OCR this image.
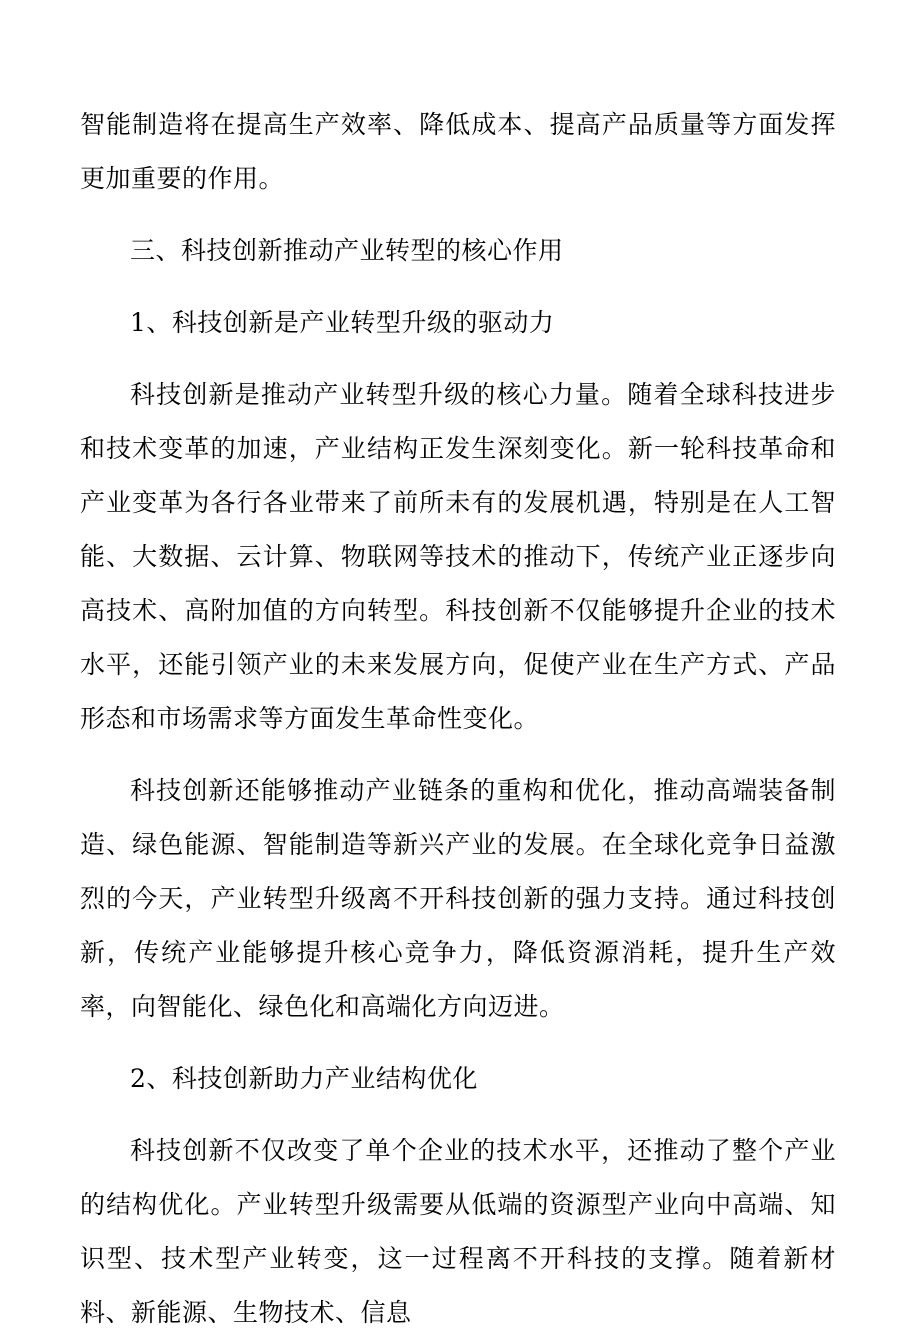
智能制造将在提高生产效率、降低成本、提高产品质量等方面发挥更加重要的作用。

三、科技创新推动产业转型的核心作用

1、科技创新是产业转型升级的驱动力

科技创新是推动产业转型升级的核心力量。随着全球科技进步和技术变革的加速，产业结构正发生深刻变化。新一轮科技革命和产业变革为各行各业带来了前所未有的发展机遇，特别是在人工智能、大数据、云计算、物联网等技术的推动下，传统产业正逐步向高技术、高附加值的方向转型。科技创新不仅能够提升企业的技术水平，还能引领产业的未来发展方向，促使产业在生产方式、产品形态和市场需求等方面发生革命性变化。

科技创新还能够推动产业链条的重构和优化，推动高端装备制造、绿色能源、智能制造等新兴产业的发展。在全球化竞争日益激烈的今天，产业转型升级离不开科技创新的强力支持。通过科技创新，传统产业能够提升核心竞争力，降低资源消耗，提升生产效率，向智能化、绿色化和高端化方向迈进。

2、科技创新助力产业结构优化

科技创新不仅改变了单个企业的技术水平，还推动了整个产业的结构优化。产业转型升级需要从低端的资源型产业向中高端、知识型、技术型产业转变，这一过程离不开科技的支撑。随着新材料、新能源、生物技术、信息
